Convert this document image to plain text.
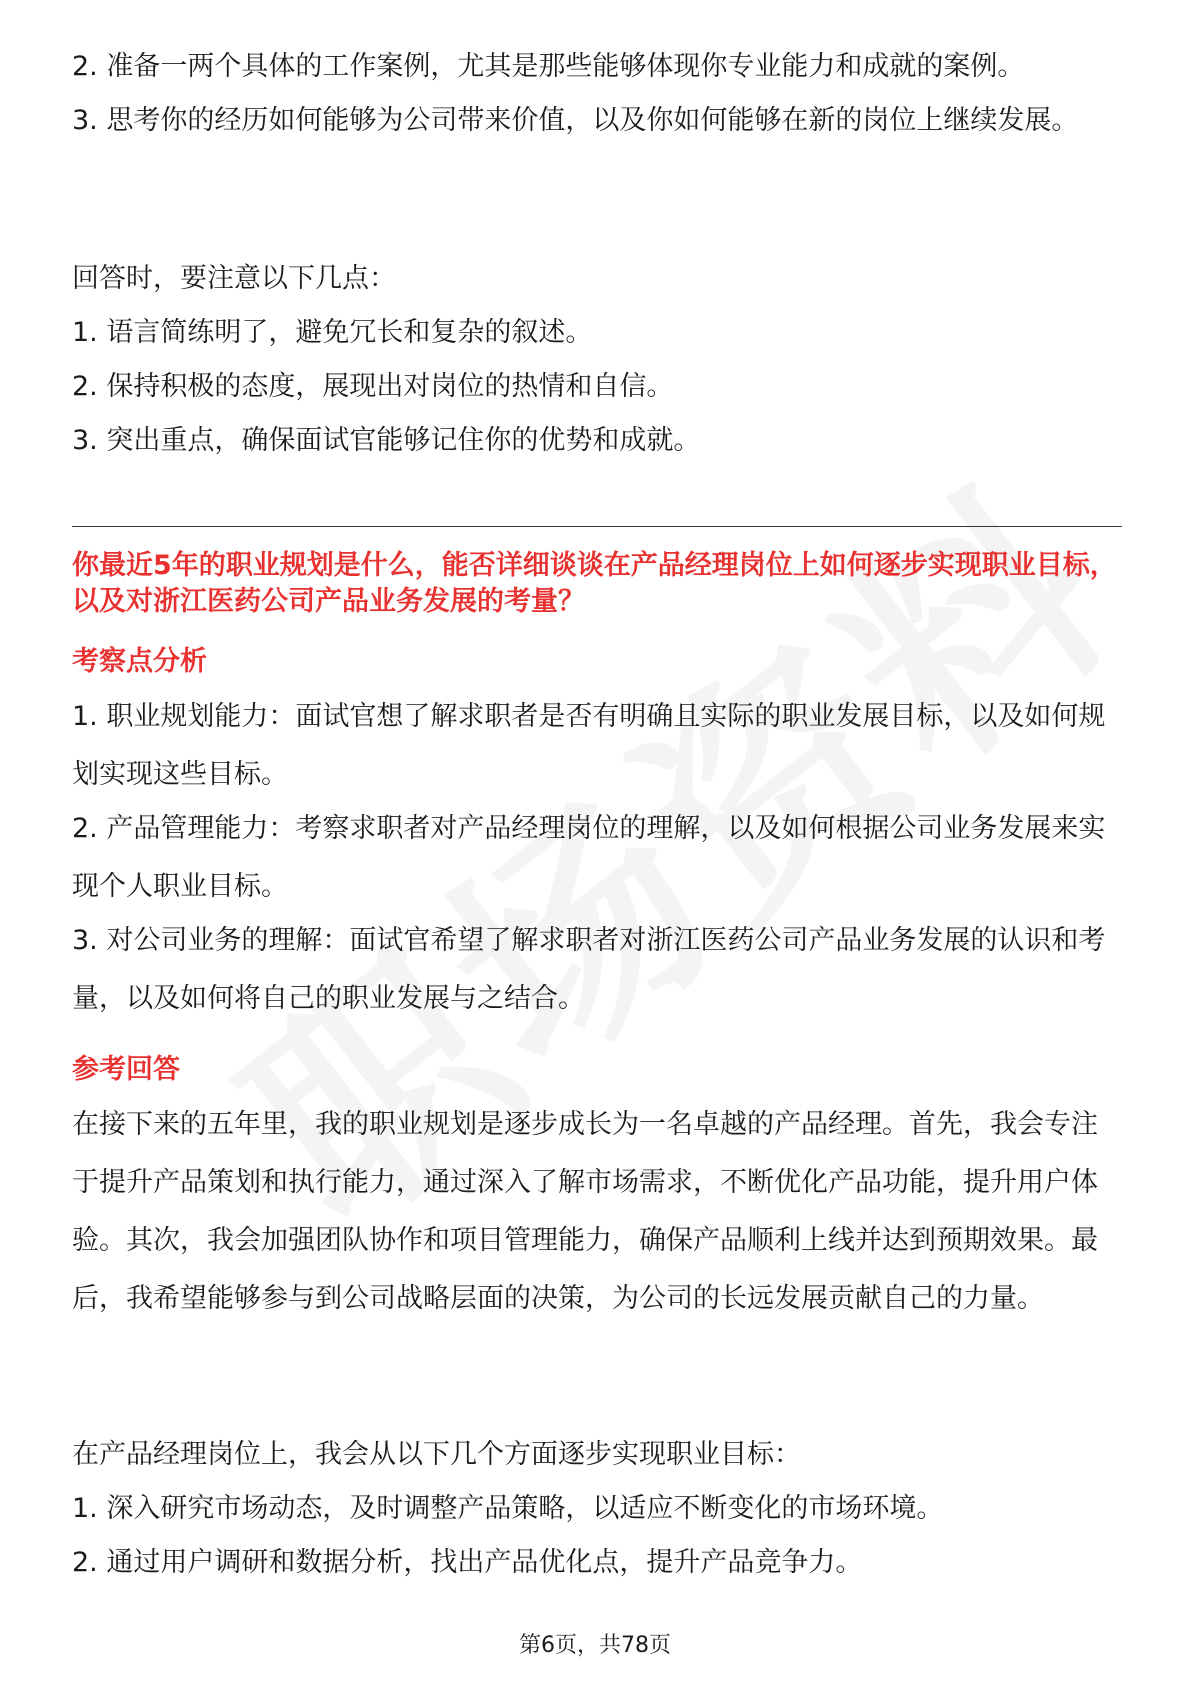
2. 准备一两个具体的工作案例，尤其是那些能够体现你专业能力和成就的案例。

3. 思考你的经历如何能够为公司带来价值，以及你如何能够在新的岗位上继续发展。

回答时，要注意以下几点：

1. 语言简练明了，避免冗长和复杂的叙述。

2. 保持积极的态度，展现出对岗位的热情和自信。

3. 突出重点，确保面试官能够记住你的优势和成就。

你最近5年的职业规划是什么，能否详细谈谈在产品经理岗位上如何逐步实现职业目标，以及对浙江医药公司产品业务发展的考量？

考察点分析

1. 职业规划能力：面试官想了解求职者是否有明确且实际的职业发展目标，以及如何规划实现这些目标。

2. 产品管理能力：考察求职者对产品经理岗位的理解，以及如何根据公司业务发展来实现个人职业目标。

3. 对公司业务的理解：面试官希望了解求职者对浙江医药公司产品业务发展的认识和考量，以及如何将自己的职业发展与之结合。

参考回答

在接下来的五年里，我的职业规划是逐步成长为一名卓越的产品经理。首先，我会专注于提升产品策划和执行能力，通过深入了解市场需求，不断优化产品功能，提升用户体验。其次，我会加强团队协作和项目管理能力，确保产品顺利上线并达到预期效果。最后，我希望能够参与到公司战略层面的决策，为公司的长远发展贡献自己的力量。

在产品经理岗位上，我会从以下几个方面逐步实现职业目标：

1. 深入研究市场动态，及时调整产品策略，以适应不断变化的市场环境。

2. 通过用户调研和数据分析，找出产品优化点，提升产品竞争力。

第6页，共78页
